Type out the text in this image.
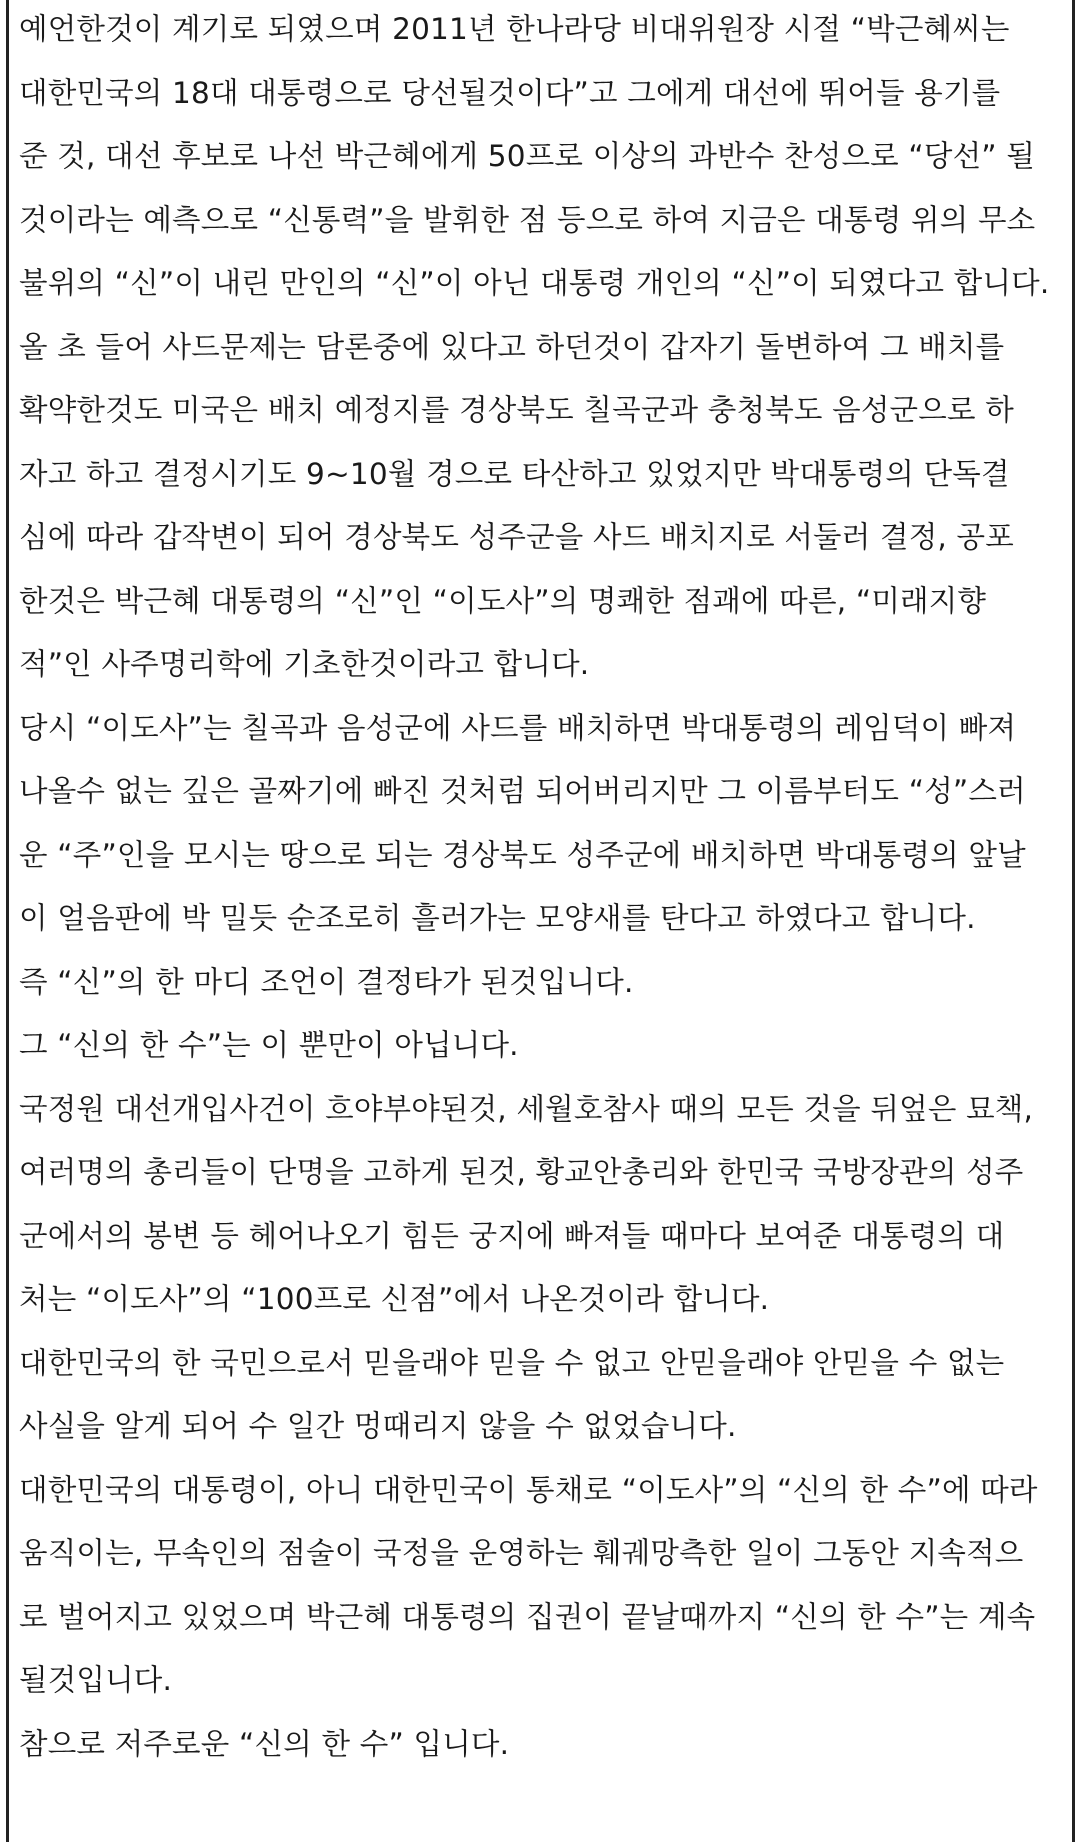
예언한것이 계기로 되였으며 2011년 한나라당 비대위원장 시절 “박근혜씨는
대한민국의 18대 대통령으로 당선될것이다”고 그에게 대선에 뛰어들 용기를
준 것, 대선 후보로 나선 박근혜에게 50프로 이상의 과반수 찬성으로 “당선” 될
것이라는 예측으로 “신통력”을 발휘한 점 등으로 하여 지금은 대통령 위의 무소
불위의 “신”이 내린 만인의 “신”이 아닌 대통령 개인의 “신”이 되였다고 합니다.
올 초 들어 사드문제는 담론중에 있다고 하던것이 갑자기 돌변하여 그 배치를
확약한것도 미국은 배치 예정지를 경상북도 칠곡군과 충청북도 음성군으로 하
자고 하고 결정시기도 9~10월 경으로 타산하고 있었지만 박대통령의 단독결
심에 따라 갑작변이 되어 경상북도 성주군을 사드 배치지로 서둘러 결정, 공포
한것은 박근혜 대통령의 “신”인 “이도사”의 명쾌한 점괘에 따른, “미래지향
적”인 사주명리학에 기초한것이라고 합니다.
당시 “이도사”는 칠곡과 음성군에 사드를 배치하면 박대통령의 레임덕이 빠져
나올수 없는 깊은 골짜기에 빠진 것처럼 되어버리지만 그 이름부터도 “성”스러
운 “주”인을 모시는 땅으로 되는 경상북도 성주군에 배치하면 박대통령의 앞날
이 얼음판에 박 밀듯 순조로히 흘러가는 모양새를 탄다고 하였다고 합니다.
즉 “신”의 한 마디 조언이 결정타가 된것입니다.
그 “신의 한 수”는 이 뿐만이 아닙니다.
국정원 대선개입사건이 흐야부야된것, 세월호참사 때의 모든 것을 뒤엎은 묘책,
여러명의 총리들이 단명을 고하게 된것, 황교안총리와 한민국 국방장관의 성주
군에서의 봉변 등 헤어나오기 힘든 궁지에 빠져들 때마다 보여준 대통령의 대
처는 “이도사”의 “100프로 신점”에서 나온것이라 합니다.
대한민국의 한 국민으로서 믿을래야 믿을 수 없고 안믿을래야 안믿을 수 없는
사실을 알게 되어 수 일간 멍때리지 않을 수 없었습니다.
대한민국의 대통령이, 아니 대한민국이 통채로 “이도사”의 “신의 한 수”에 따라
움직이는, 무속인의 점술이 국정을 운영하는 훼궤망측한 일이 그동안 지속적으
로 벌어지고 있었으며 박근혜 대통령의 집권이 끝날때까지 “신의 한 수”는 계속
될것입니다.
참으로 저주로운 “신의 한 수” 입니다.
